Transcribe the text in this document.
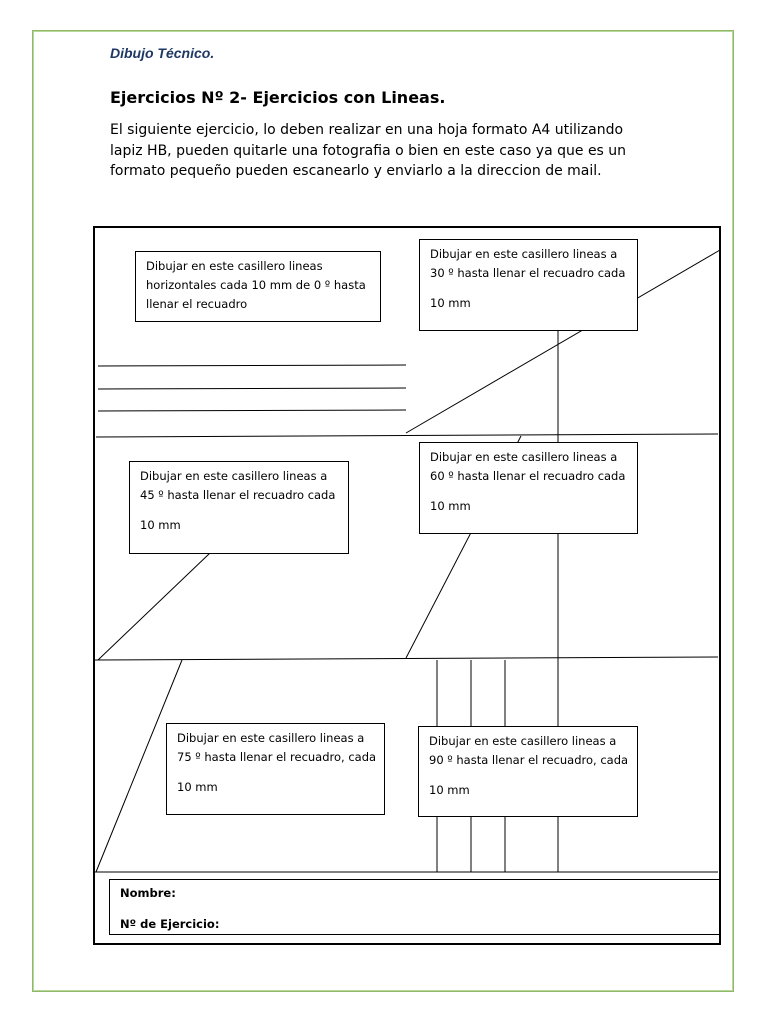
Dibujo Técnico.
Ejercicios Nº 2- Ejercicios con Lineas.
El siguiente ejercicio, lo deben realizar en una hoja formato A4 utilizando
lapiz HB, pueden quitarle una fotografia o bien en este caso ya que es un
formato pequeño pueden escanearlo y enviarlo a la direccion de mail.
Dibujar en este casillero lineas
horizontales cada 10 mm de 0 º hasta
llenar el recuadro
Dibujar en este casillero lineas a
30 º hasta llenar el recuadro cada
10 mm
Dibujar en este casillero lineas a
45 º hasta llenar el recuadro cada
10 mm
Dibujar en este casillero lineas a
60 º hasta llenar el recuadro cada
10 mm
Dibujar en este casillero lineas a
75 º hasta llenar el recuadro, cada
10 mm
Dibujar en este casillero lineas a
90 º hasta llenar el recuadro, cada
10 mm
Nombre:
Nº de Ejercicio:
